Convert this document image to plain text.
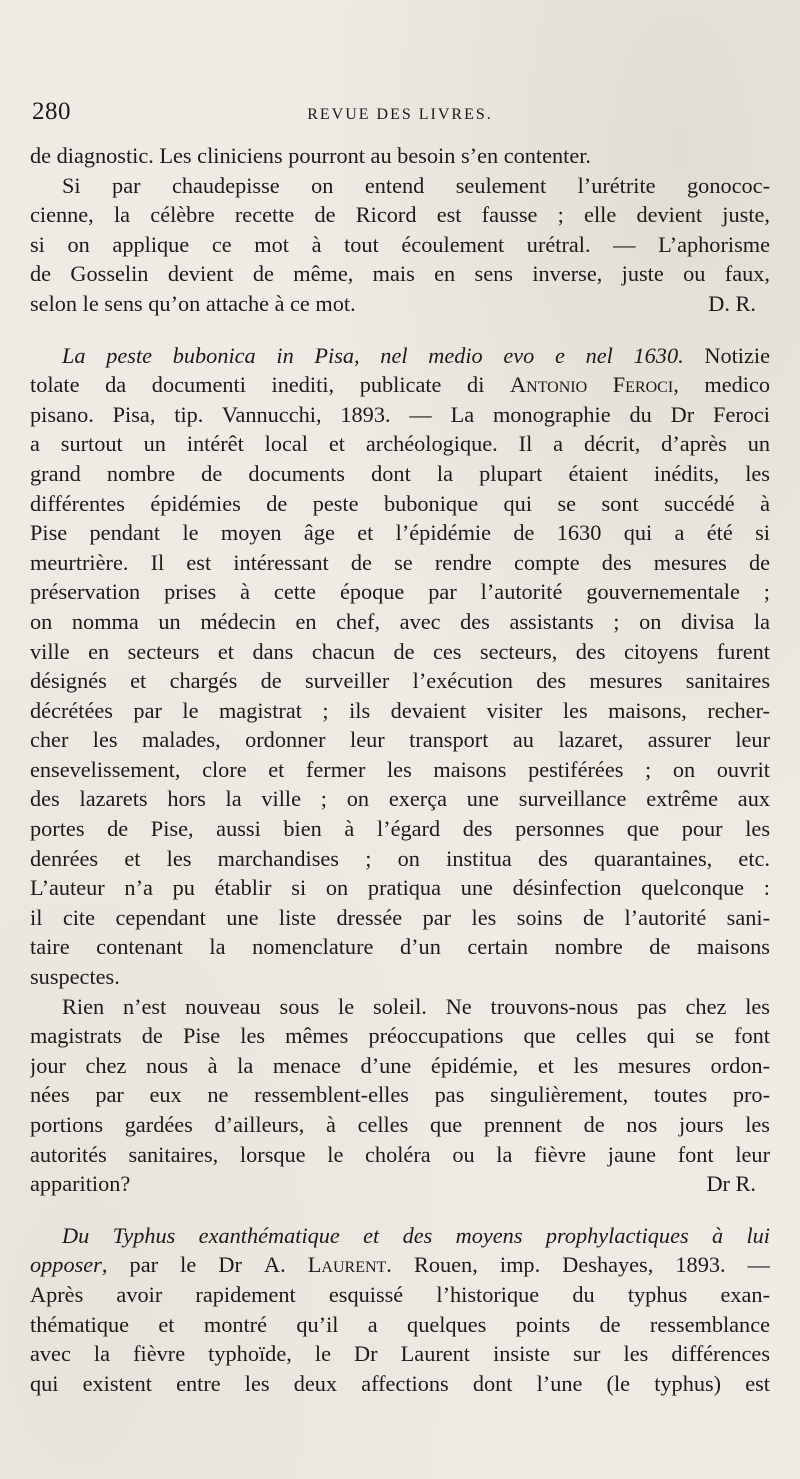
280	REVUE DES LIVRES.
de diagnostic. Les cliniciens pourront au besoin s’en contenter.
Si par chaudepisse on entend seulement l’urétrite gonococ-
cienne, la célèbre recette de Ricord est fausse ; elle devient juste,
si on applique ce mot à tout écoulement urétral. — L’aphorisme
de Gosselin devient de même, mais en sens inverse, juste ou faux,
selon le sens qu’on attache à ce mot.	D. R.
La peste bubonica in Pisa, nel medio evo e nel 1630. Notizie
tolate da documenti inediti, publicate di Antonio Feroci, medico
pisano. Pisa, tip. Vannucchi, 1893. — La monographie du Dr Feroci
a surtout un intérêt local et archéologique. Il a décrit, d’après un
grand nombre de documents dont la plupart étaient inédits, les
différentes épidémies de peste bubonique qui se sont succédé à
Pise pendant le moyen âge et l’épidémie de 1630 qui a été si
meurtrière. Il est intéressant de se rendre compte des mesures de
préservation prises à cette époque par l’autorité gouvernementale ;
on nomma un médecin en chef, avec des assistants ; on divisa la
ville en secteurs et dans chacun de ces secteurs, des citoyens furent
désignés et chargés de surveiller l’exécution des mesures sanitaires
décrétées par le magistrat ; ils devaient visiter les maisons, recher-
cher les malades, ordonner leur transport au lazaret, assurer leur
ensevelissement, clore et fermer les maisons pestiférées ; on ouvrit
des lazarets hors la ville ; on exerça une surveillance extrême aux
portes de Pise, aussi bien à l’égard des personnes que pour les
denrées et les marchandises ; on institua des quarantaines, etc.
L’auteur n’a pu établir si on pratiqua une désinfection quelconque :
il cite cependant une liste dressée par les soins de l’autorité sani-
taire contenant la nomenclature d’un certain nombre de maisons
suspectes.
Rien n’est nouveau sous le soleil. Ne trouvons-nous pas chez les
magistrats de Pise les mêmes préoccupations que celles qui se font
jour chez nous à la menace d’une épidémie, et les mesures ordon-
nées par eux ne ressemblent-elles pas singulièrement, toutes pro-
portions gardées d’ailleurs, à celles que prennent de nos jours les
autorités sanitaires, lorsque le choléra ou la fièvre jaune font leur
apparition?	Dr R.
Du Typhus exanthématique et des moyens prophylactiques à lui
opposer, par le Dr A. Laurent. Rouen, imp. Deshayes, 1893. —
Après avoir rapidement esquissé l’historique du typhus exan-
thématique et montré qu’il a quelques points de ressemblance
avec la fièvre typhoïde, le Dr Laurent insiste sur les différences
qui existent entre les deux affections dont l’une (le typhus) est
